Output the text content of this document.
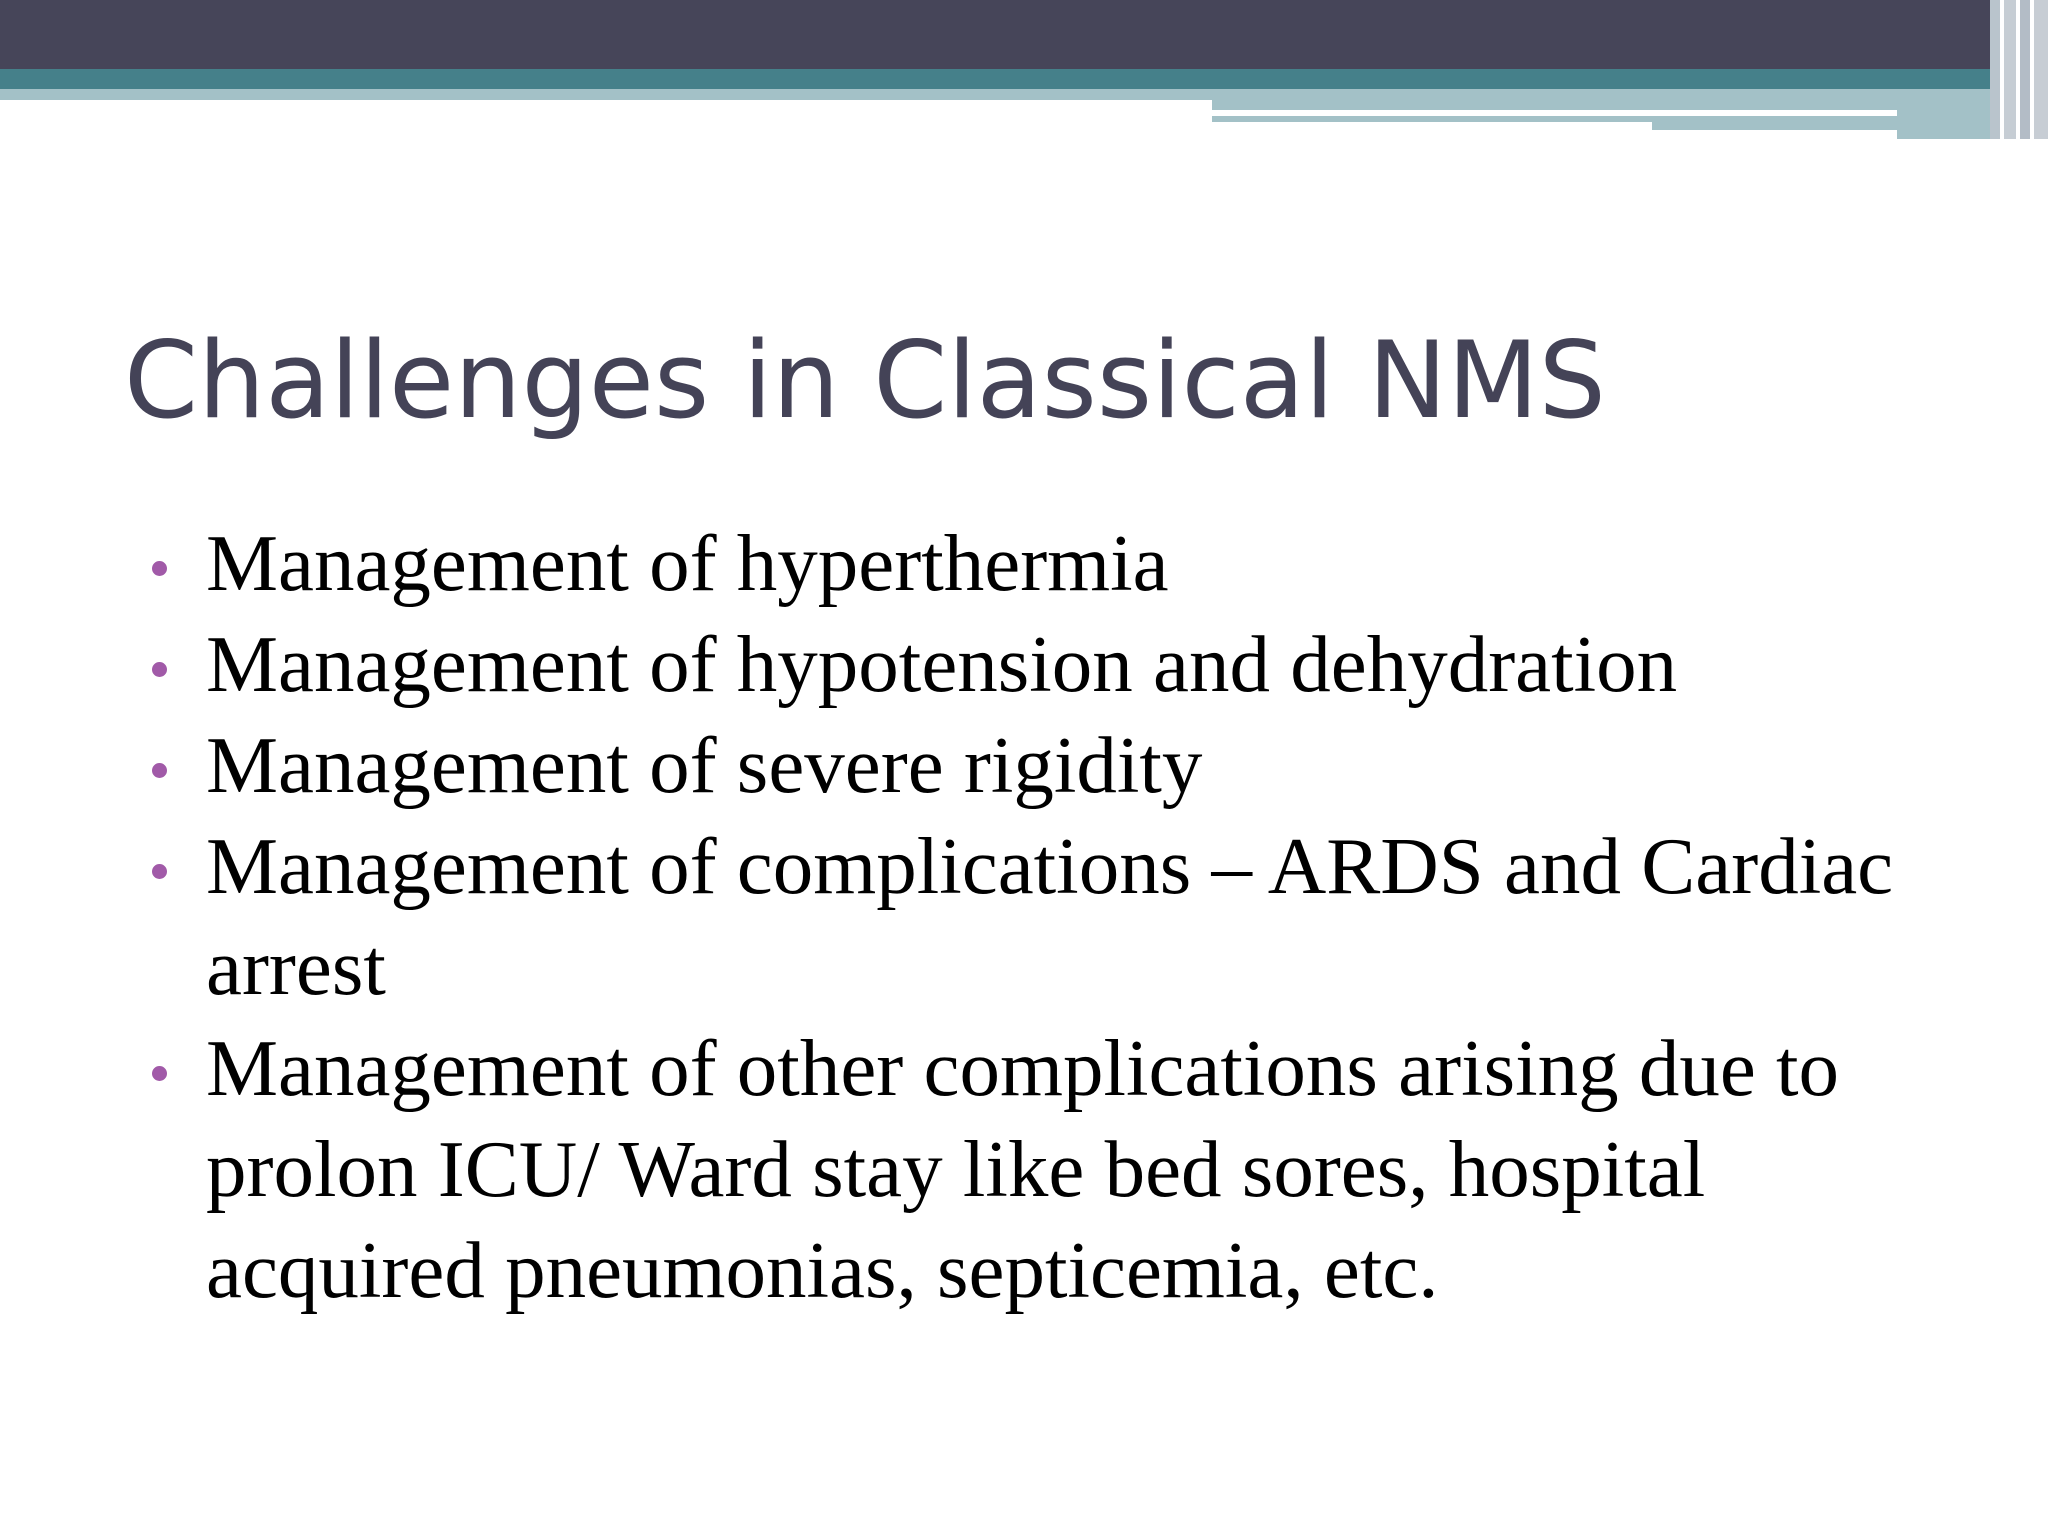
Challenges in Classical NMS
Management of hyperthermia
Management of hypotension and dehydration
Management of severe rigidity
Management of complications – ARDS and Cardiac arrest
Management of other complications arising due to prolon ICU/ Ward stay like bed sores, hospital acquired pneumonias, septicemia, etc.
